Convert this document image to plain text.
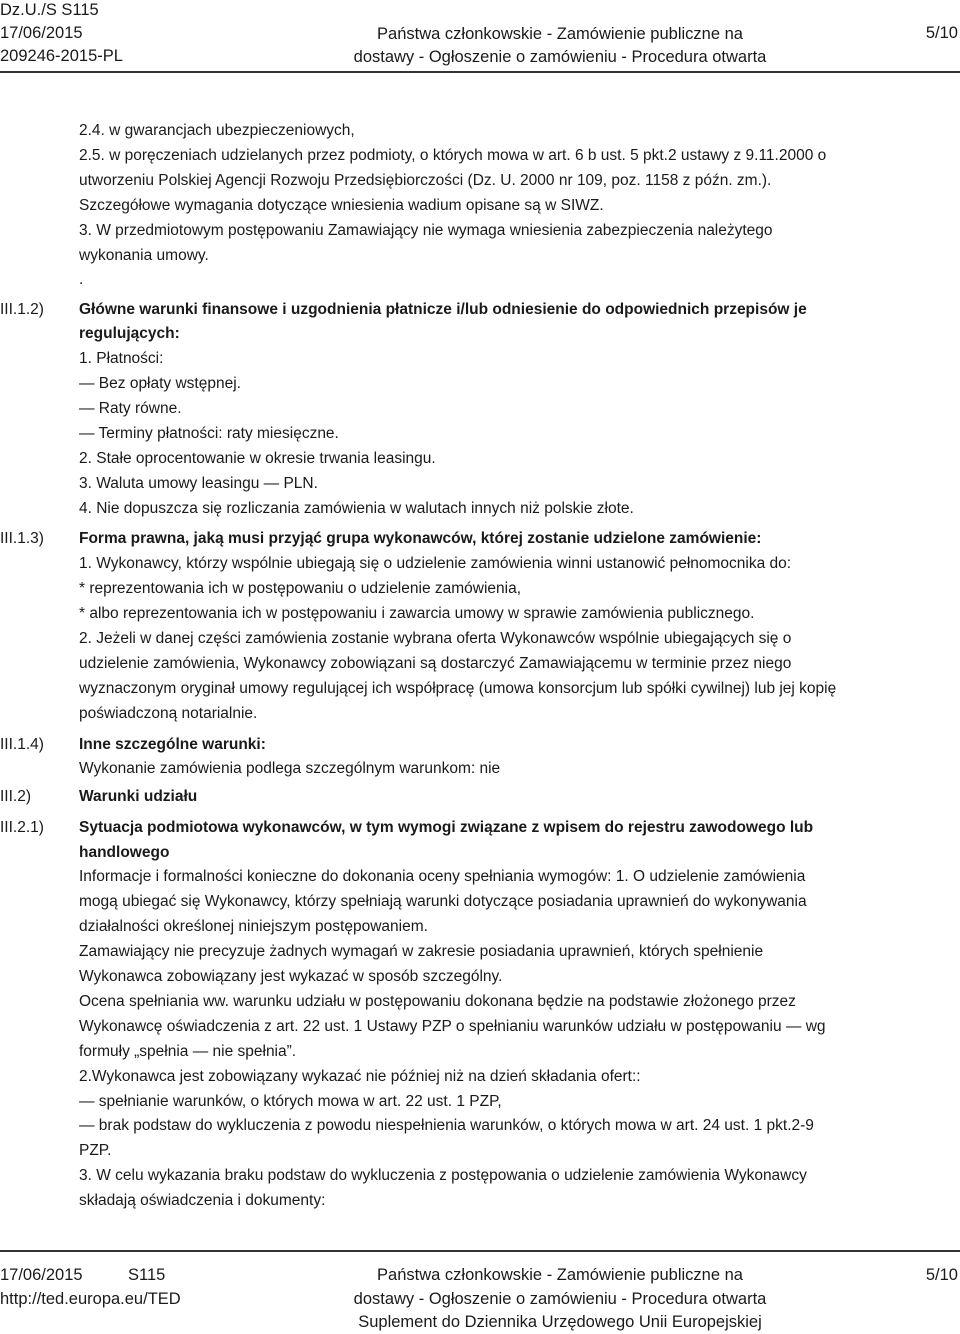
Dz.U./S S115
17/06/2015
209246-2015-PL
Państwa członkowskie - Zamówienie publiczne na
dostawy - Ogłoszenie o zamówieniu - Procedura otwarta
5/10
III.1.2)
III.1.3)
III.1.4)
III.2)
III.2.1)
2.4. w gwarancjach ubezpieczeniowych,
2.5. w poręczeniach udzielanych przez podmioty, o których mowa w art. 6 b ust. 5 pkt.2 ustawy z 9.11.2000 o
utworzeniu Polskiej Agencji Rozwoju Przedsiębiorczości (Dz. U. 2000 nr 109, poz. 1158 z późn. zm.).
Szczegółowe wymagania dotyczące wniesienia wadium opisane są w SIWZ.
3. W przedmiotowym postępowaniu Zamawiający nie wymaga wniesienia zabezpieczenia należytego
wykonania umowy.
.
Główne warunki finansowe i uzgodnienia płatnicze i/lub odniesienie do odpowiednich przepisów je
regulujących:
1. Płatności:
— Bez opłaty wstępnej.
— Raty równe.
— Terminy płatności: raty miesięczne.
2. Stałe oprocentowanie w okresie trwania leasingu.
3. Waluta umowy leasingu — PLN.
4. Nie dopuszcza się rozliczania zamówienia w walutach innych niż polskie złote.
Forma prawna, jaką musi przyjąć grupa wykonawców, której zostanie udzielone zamówienie:
1. Wykonawcy, którzy wspólnie ubiegają się o udzielenie zamówienia winni ustanowić pełnomocnika do:
* reprezentowania ich w postępowaniu o udzielenie zamówienia,
* albo reprezentowania ich w postępowaniu i zawarcia umowy w sprawie zamówienia publicznego.
2. Jeżeli w danej części zamówienia zostanie wybrana oferta Wykonawców wspólnie ubiegających się o
udzielenie zamówienia, Wykonawcy zobowiązani są dostarczyć Zamawiającemu w terminie przez niego
wyznaczonym oryginał umowy regulującej ich współpracę (umowa konsorcjum lub spółki cywilnej) lub jej kopię
poświadczoną notarialnie.
Inne szczególne warunki:
Wykonanie zamówienia podlega szczególnym warunkom: nie
Warunki udziału
Sytuacja podmiotowa wykonawców, w tym wymogi związane z wpisem do rejestru zawodowego lub
handlowego
Informacje i formalności konieczne do dokonania oceny spełniania wymogów: 1. O udzielenie zamówienia
mogą ubiegać się Wykonawcy, którzy spełniają warunki dotyczące posiadania uprawnień do wykonywania
działalności określonej niniejszym postępowaniem.
Zamawiający nie precyzuje żadnych wymagań w zakresie posiadania uprawnień, których spełnienie
Wykonawca zobowiązany jest wykazać w sposób szczególny.
Ocena spełniania ww. warunku udziału w postępowaniu dokonana będzie na podstawie złożonego przez
Wykonawcę oświadczenia z art. 22 ust. 1 Ustawy PZP o spełnianiu warunków udziału w postępowaniu — wg
formuły „spełnia — nie spełnia”.
2.Wykonawca jest zobowiązany wykazać nie później niż na dzień składania ofert::
— spełnianie warunków, o których mowa w art. 22 ust. 1 PZP,
— brak podstaw do wykluczenia z powodu niespełnienia warunków, o których mowa w art. 24 ust. 1 pkt.2-9
PZP.
3. W celu wykazania braku podstaw do wykluczenia z postępowania o udzielenie zamówienia Wykonawcy
składają oświadczenia i dokumenty:
17/06/2015	S115
http://ted.europa.eu/TED
Państwa członkowskie - Zamówienie publiczne na
dostawy - Ogłoszenie o zamówieniu - Procedura otwarta
Suplement do Dziennika Urzędowego Unii Europejskiej
5/10
